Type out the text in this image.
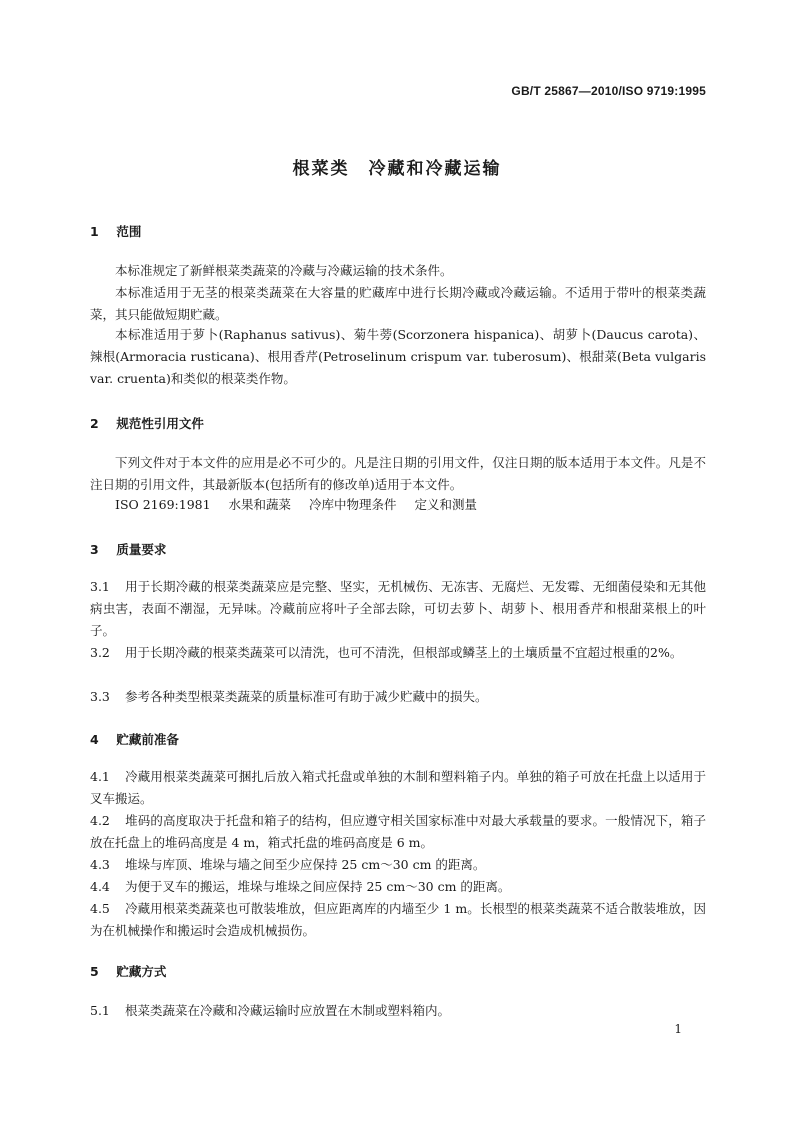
GB/T 25867—2010/ISO 9719:1995
根菜类　冷藏和冷藏运输
1 范围
本标准规定了新鲜根菜类蔬菜的冷藏与冷藏运输的技术条件。
本标准适用于无茎的根菜类蔬菜在大容量的贮藏库中进行长期冷藏或冷藏运输。不适用于带叶的根菜类蔬菜，其只能做短期贮藏。
本标准适用于萝卜(Raphanus sativus)、菊牛蒡(Scorzonera hispanica)、胡萝卜(Daucus carota)、辣根(Armoracia rusticana)、根用香芹(Petroselinum crispum var. tuberosum)、根甜菜(Beta vulgaris var. cruenta)和类似的根菜类作物。
2 规范性引用文件
下列文件对于本文件的应用是必不可少的。凡是注日期的引用文件，仅注日期的版本适用于本文件。凡是不注日期的引用文件，其最新版本(包括所有的修改单)适用于本文件。
ISO 2169:1981 水果和蔬菜 冷库中物理条件 定义和测量
3 质量要求
3.1 用于长期冷藏的根菜类蔬菜应是完整、坚实，无机械伤、无冻害、无腐烂、无发霉、无细菌侵染和无其他病虫害，表面不潮湿，无异味。冷藏前应将叶子全部去除，可切去萝卜、胡萝卜、根用香芹和根甜菜根上的叶子。
3.2 用于长期冷藏的根菜类蔬菜可以清洗，也可不清洗，但根部或鳞茎上的土壤质量不宜超过根重的2%。
3.3 参考各种类型根菜类蔬菜的质量标准可有助于减少贮藏中的损失。
4 贮藏前准备
4.1 冷藏用根菜类蔬菜可捆扎后放入箱式托盘或单独的木制和塑料箱子内。单独的箱子可放在托盘上以适用于叉车搬运。
4.2 堆码的高度取决于托盘和箱子的结构，但应遵守相关国家标准中对最大承载量的要求。一般情况下，箱子放在托盘上的堆码高度是 4 m，箱式托盘的堆码高度是 6 m。
4.3 堆垛与库顶、堆垛与墙之间至少应保持 25 cm～30 cm 的距离。
4.4 为便于叉车的搬运，堆垛与堆垛之间应保持 25 cm～30 cm 的距离。
4.5 冷藏用根菜类蔬菜也可散装堆放，但应距离库的内墙至少 1 m。长根型的根菜类蔬菜不适合散装堆放，因为在机械操作和搬运时会造成机械损伤。
5 贮藏方式
5.1 根菜类蔬菜在冷藏和冷藏运输时应放置在木制或塑料箱内。
1
